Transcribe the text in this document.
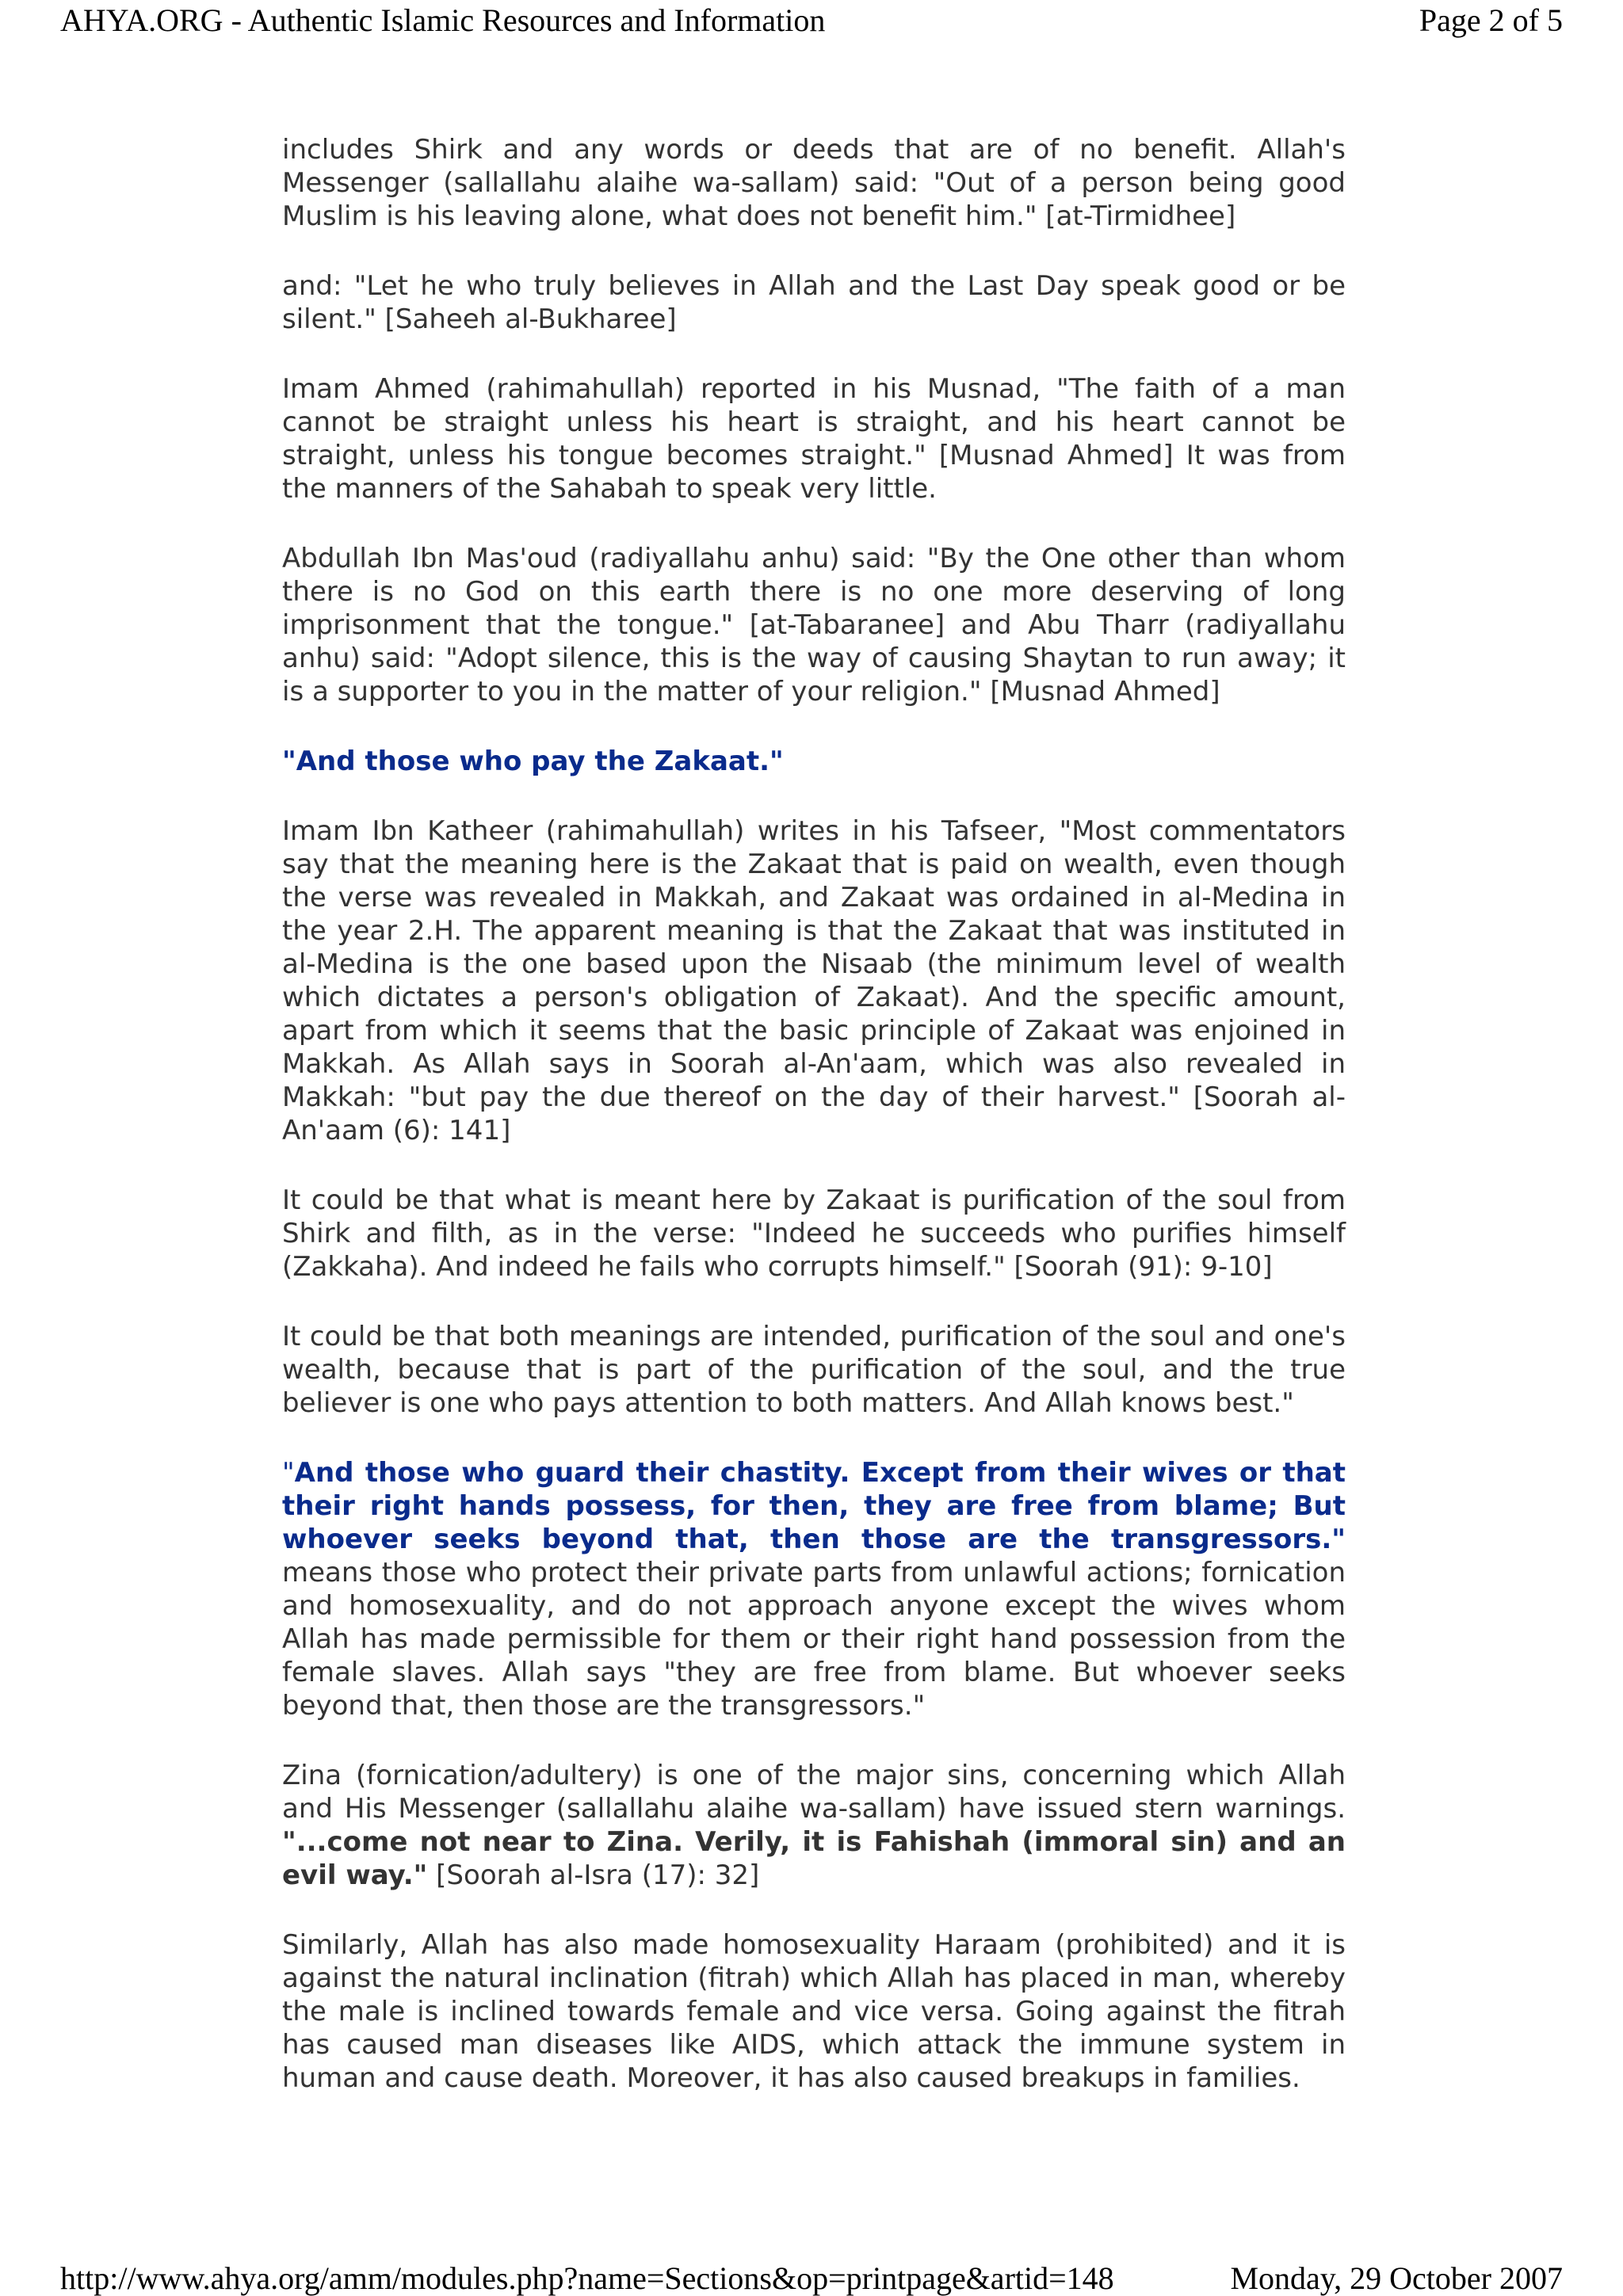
AHYA.ORG - Authentic Islamic Resources and Information	Page 2 of 5

includes Shirk and any words or deeds that are of no benefit. Allah's Messenger (sallallahu alaihe wa-sallam) said: "Out of a person being good Muslim is his leaving alone, what does not benefit him." [at-Tirmidhee]

and: "Let he who truly believes in Allah and the Last Day speak good or be silent." [Saheeh al-Bukharee]

Imam Ahmed (rahimahullah) reported in his Musnad, "The faith of a man cannot be straight unless his heart is straight, and his heart cannot be straight, unless his tongue becomes straight." [Musnad Ahmed] It was from the manners of the Sahabah to speak very little.

Abdullah Ibn Mas'oud (radiyallahu anhu) said: "By the One other than whom there is no God on this earth there is no one more deserving of long imprisonment that the tongue." [at-Tabaranee] and Abu Tharr (radiyallahu anhu) said: "Adopt silence, this is the way of causing Shaytan to run away; it is a supporter to you in the matter of your religion." [Musnad Ahmed]

"And those who pay the Zakaat."

Imam Ibn Katheer (rahimahullah) writes in his Tafseer, "Most commentators say that the meaning here is the Zakaat that is paid on wealth, even though the verse was revealed in Makkah, and Zakaat was ordained in al-Medina in the year 2.H. The apparent meaning is that the Zakaat that was instituted in al-Medina is the one based upon the Nisaab (the minimum level of wealth which dictates a person's obligation of Zakaat). And the specific amount, apart from which it seems that the basic principle of Zakaat was enjoined in Makkah. As Allah says in Soorah al-An'aam, which was also revealed in Makkah: "but pay the due thereof on the day of their harvest." [Soorah al-An'aam (6): 141]

It could be that what is meant here by Zakaat is purification of the soul from Shirk and filth, as in the verse: "Indeed he succeeds who purifies himself (Zakkaha). And indeed he fails who corrupts himself." [Soorah (91): 9-10]

It could be that both meanings are intended, purification of the soul and one's wealth, because that is part of the purification of the soul, and the true believer is one who pays attention to both matters. And Allah knows best."

"And those who guard their chastity. Except from their wives or that their right hands possess, for then, they are free from blame; But whoever seeks beyond that, then those are the transgressors." means those who protect their private parts from unlawful actions; fornication and homosexuality, and do not approach anyone except the wives whom Allah has made permissible for them or their right hand possession from the female slaves. Allah says "they are free from blame. But whoever seeks beyond that, then those are the transgressors."

Zina (fornication/adultery) is one of the major sins, concerning which Allah and His Messenger (sallallahu alaihe wa-sallam) have issued stern warnings. "...come not near to Zina. Verily, it is Fahishah (immoral sin) and an evil way." [Soorah al-Isra (17): 32]

Similarly, Allah has also made homosexuality Haraam (prohibited) and it is against the natural inclination (fitrah) which Allah has placed in man, whereby the male is inclined towards female and vice versa. Going against the fitrah has caused man diseases like AIDS, which attack the immune system in human and cause death. Moreover, it has also caused breakups in families.

http://www.ahya.org/amm/modules.php?name=Sections&op=printpage&artid=148	Monday, 29 October 2007
